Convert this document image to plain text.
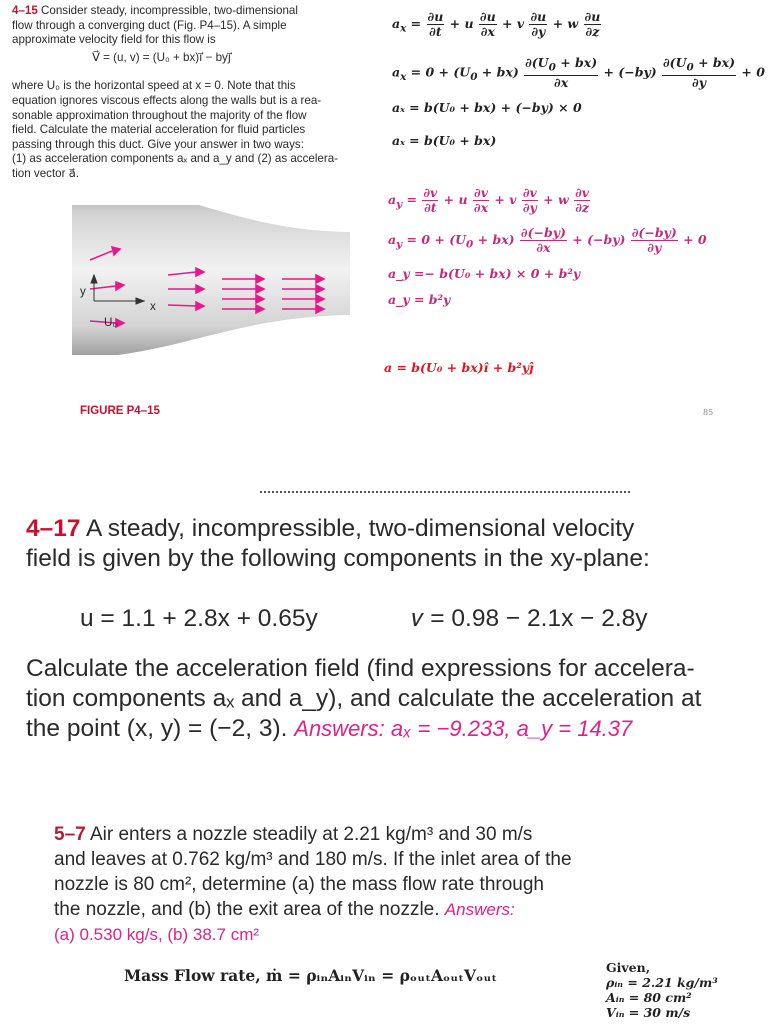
4–15 Consider steady, incompressible, two-dimensional
flow through a converging duct (Fig. P4–15). A simple
approximate velocity field for this flow is
V⃗ = (u, v) = (U₀ + bx)i⃗ − byj⃗
where U₀ is the horizontal speed at x = 0. Note that this
equation ignores viscous effects along the walls but is a rea-
sonable approximation throughout the majority of the flow
field. Calculate the material acceleration for fluid particles
passing through this duct. Give your answer in two ways:
(1) as acceleration components aₓ and a_y and (2) as accelera-
tion vector a⃗.
y
x
U₀
FIGURE P4–15
$a_x = \frac{\partial u}{\partial t} + u \frac{\partial u}{\partial x} + v \frac{\partial u}{\partial y} + w \frac{\partial u}{\partial z}$
$a_x = 0 + (U_0 + bx) \frac{\partial(U_0 + bx)}{\partial x} + (-by) \frac{\partial(U_0 + bx)}{\partial y} + 0$
aₓ = b(U₀ + bx) + (−by) × 0
aₓ = b(U₀ + bx)
$a_y = \frac{\partial v}{\partial t} + u \frac{\partial v}{\partial x} + v \frac{\partial v}{\partial y} + w \frac{\partial v}{\partial z}$
$a_y = 0 + (U_0 + bx) \frac{\partial(-by)}{\partial x} + (-by) \frac{\partial(-by)}{\partial y} + 0$
a_y =− b(U₀ + bx) × 0 + b²y
a_y = b²y
a = b(U₀ + bx)î + b²yĵ
85
4–17 A steady, incompressible, two-dimensional velocity
field is given by the following components in the xy-plane:
u = 1.1 + 2.8x + 0.65y	𝑣 = 0.98 − 2.1x − 2.8y
Calculate the acceleration field (find expressions for accelera-
tion components aₓ and a_y), and calculate the acceleration at
the point (x, y) = (−2, 3). Answers: aₓ = −9.233, a_y = 14.37
5–7 Air enters a nozzle steadily at 2.21 kg/m³ and 30 m/s
and leaves at 0.762 kg/m³ and 180 m/s. If the inlet area of the
nozzle is 80 cm², determine (a) the mass flow rate through
the nozzle, and (b) the exit area of the nozzle. Answers:
(a) 0.530 kg/s, (b) 38.7 cm²
Mass Flow rate, ṁ = ρᵢₙAᵢₙVᵢₙ = ρₒᵤₜAₒᵤₜVₒᵤₜ	Given,
ρᵢₙ = 2.21 kg/m³
Aᵢₙ = 80 cm²
Vᵢₙ = 30 m/s
